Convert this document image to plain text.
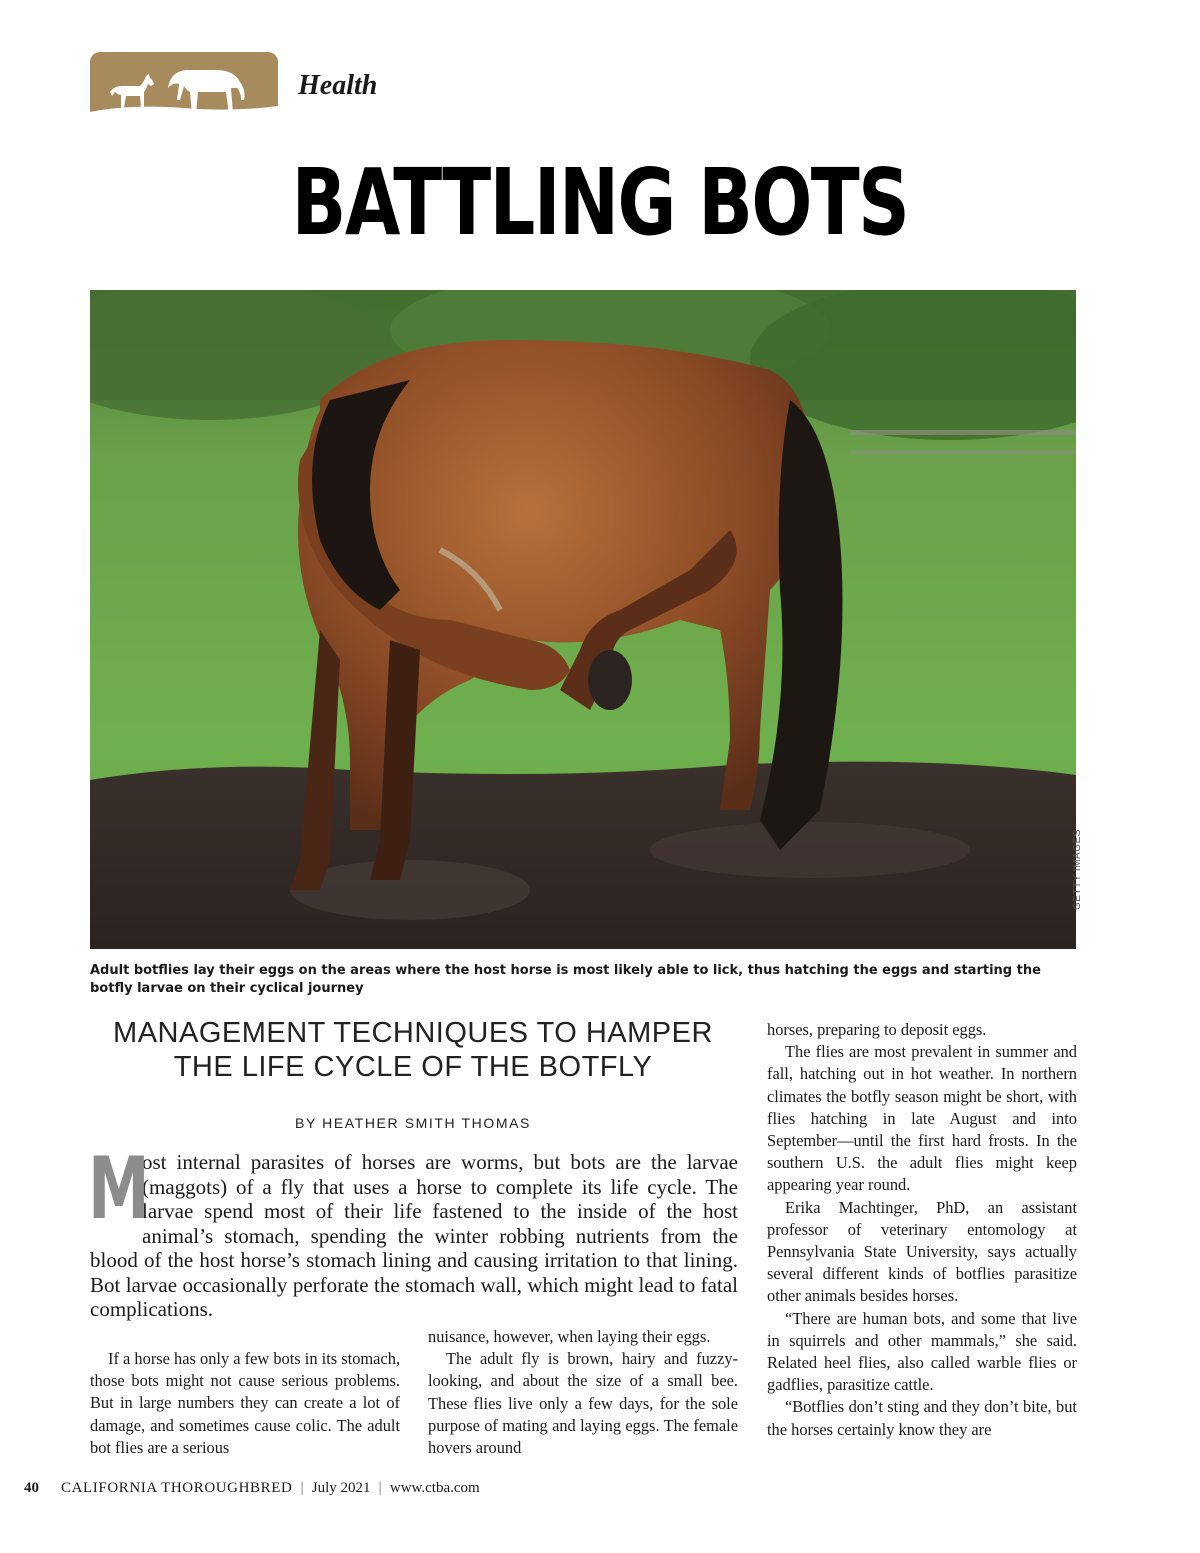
Health
BATTLING BOTS
GETTY IMAGES
Adult botflies lay their eggs on the areas where the host horse is most likely able to lick, thus hatching the eggs and starting the botfly larvae on their cyclical journey
MANAGEMENT TECHNIQUES TO HAMPER
THE LIFE CYCLE OF THE BOTFLY
BY HEATHER SMITH THOMAS

M
ost internal parasites of horses are worms, but bots are the larvae (maggots) of a fly that uses a horse to complete its life cycle. The larvae spend most of their life fastened to the inside of the host animal’s stomach, spending the winter robbing nutrients from the blood of the host horse’s stomach lining and causing irritation to that lining. Bot larvae occasionally perforate the stomach wall, which might lead to fatal complications.

If a horse has only a few bots in its stomach, those bots might not cause serious problems. But in large numbers they can create a lot of damage, and sometimes cause colic. The adult bot flies are a serious

nuisance, however, when laying their eggs.

The adult fly is brown, hairy and fuzzy-looking, and about the size of a small bee. These flies live only a few days, for the sole purpose of mating and laying eggs. The female hovers around

horses, preparing to deposit eggs.

The flies are most prevalent in summer and fall, hatching out in hot weather. In northern climates the botfly season might be short, with flies hatching in late August and into September—until the first hard frosts. In the southern U.S. the adult flies might keep appearing year round.

Erika Machtinger, PhD, an assistant professor of veterinary entomology at Pennsylvania State University, says actually several different kinds of botflies parasitize other animals besides horses.

“There are human bots, and some that live in squirrels and other mammals,” she said. Related heel flies, also called warble flies or gadflies, parasitize cattle.

“Botflies don’t sting and they don’t bite, but the horses certainly know they are

40 CALIFORNIA THOROUGHBRED | July 2021 | www.ctba.com
